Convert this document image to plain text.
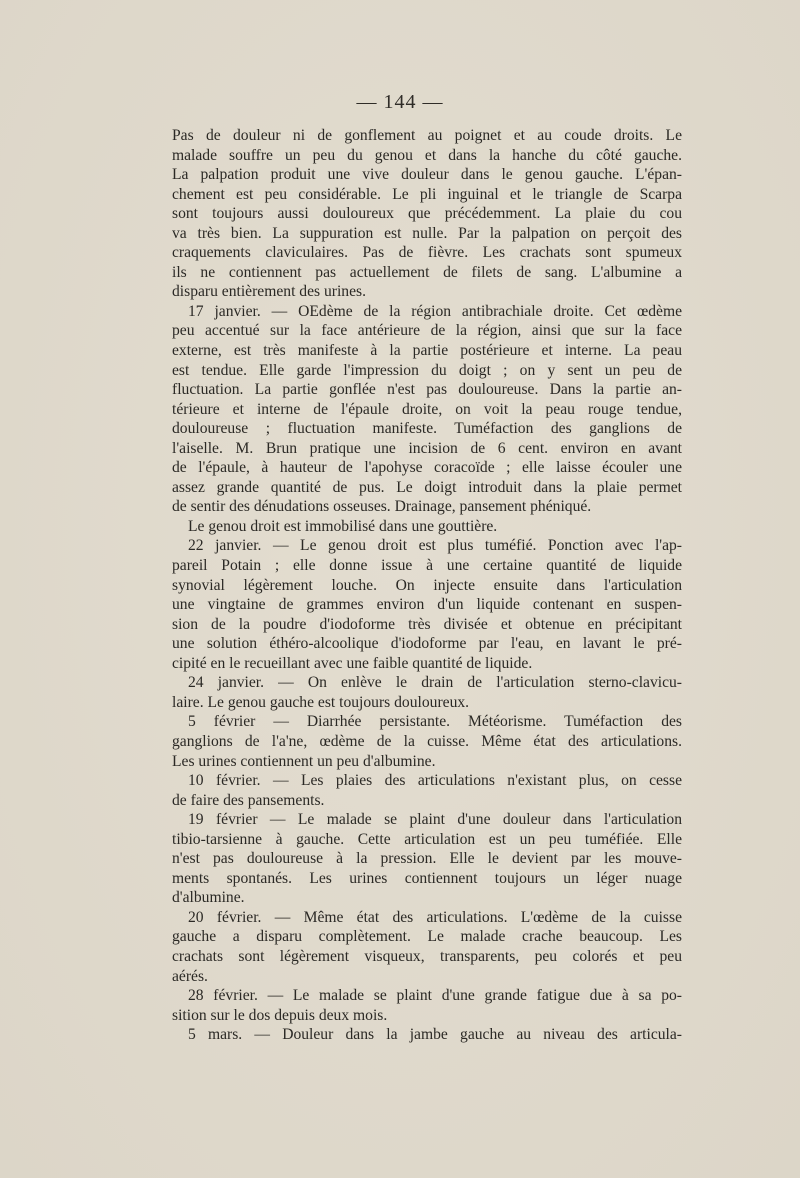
— 144 —
Pas de douleur ni de gonflement au poignet et au coude droits. Le
malade souffre un peu du genou et dans la hanche du côté gauche.
La palpation produit une vive douleur dans le genou gauche. L'épan-
chement est peu considérable. Le pli inguinal et le triangle de Scarpa
sont toujours aussi douloureux que précédemment. La plaie du cou
va très bien. La suppuration est nulle. Par la palpation on perçoit des
craquements claviculaires. Pas de fièvre. Les crachats sont spumeux
ils ne contiennent pas actuellement de filets de sang. L'albumine a
disparu entièrement des urines.
17 janvier. — OEdème de la région antibrachiale droite. Cet œdème
peu accentué sur la face antérieure de la région, ainsi que sur la face
externe, est très manifeste à la partie postérieure et interne. La peau
est tendue. Elle garde l'impression du doigt ; on y sent un peu de
fluctuation. La partie gonflée n'est pas douloureuse. Dans la partie an-
térieure et interne de l'épaule droite, on voit la peau rouge tendue,
douloureuse ; fluctuation manifeste. Tuméfaction des ganglions de
l'aiselle. M. Brun pratique une incision de 6 cent. environ en avant
de l'épaule, à hauteur de l'apohyse coracoïde ; elle laisse écouler une
assez grande quantité de pus. Le doigt introduit dans la plaie permet
de sentir des dénudations osseuses. Drainage, pansement phéniqué.
Le genou droit est immobilisé dans une gouttière.
22 janvier. — Le genou droit est plus tuméfié. Ponction avec l'ap-
pareil Potain ; elle donne issue à une certaine quantité de liquide
synovial légèrement louche. On injecte ensuite dans l'articulation
une vingtaine de grammes environ d'un liquide contenant en suspen-
sion de la poudre d'iodoforme très divisée et obtenue en précipitant
une solution éthéro-alcoolique d'iodoforme par l'eau, en lavant le pré-
cipité en le recueillant avec une faible quantité de liquide.
24 janvier. — On enlève le drain de l'articulation sterno-clavicu-
laire. Le genou gauche est toujours douloureux.
5 février — Diarrhée persistante. Météorisme. Tuméfaction des
ganglions de l'a'ne, œdème de la cuisse. Même état des articulations.
Les urines contiennent un peu d'albumine.
10 février. — Les plaies des articulations n'existant plus, on cesse
de faire des pansements.
19 février — Le malade se plaint d'une douleur dans l'articulation
tibio-tarsienne à gauche. Cette articulation est un peu tuméfiée. Elle
n'est pas douloureuse à la pression. Elle le devient par les mouve-
ments spontanés. Les urines contiennent toujours un léger nuage
d'albumine.
20 février. — Même état des articulations. L'œdème de la cuisse
gauche a disparu complètement. Le malade crache beaucoup. Les
crachats sont légèrement visqueux, transparents, peu colorés et peu
aérés.
28 février. — Le malade se plaint d'une grande fatigue due à sa po-
sition sur le dos depuis deux mois.
5 mars. — Douleur dans la jambe gauche au niveau des articula-
